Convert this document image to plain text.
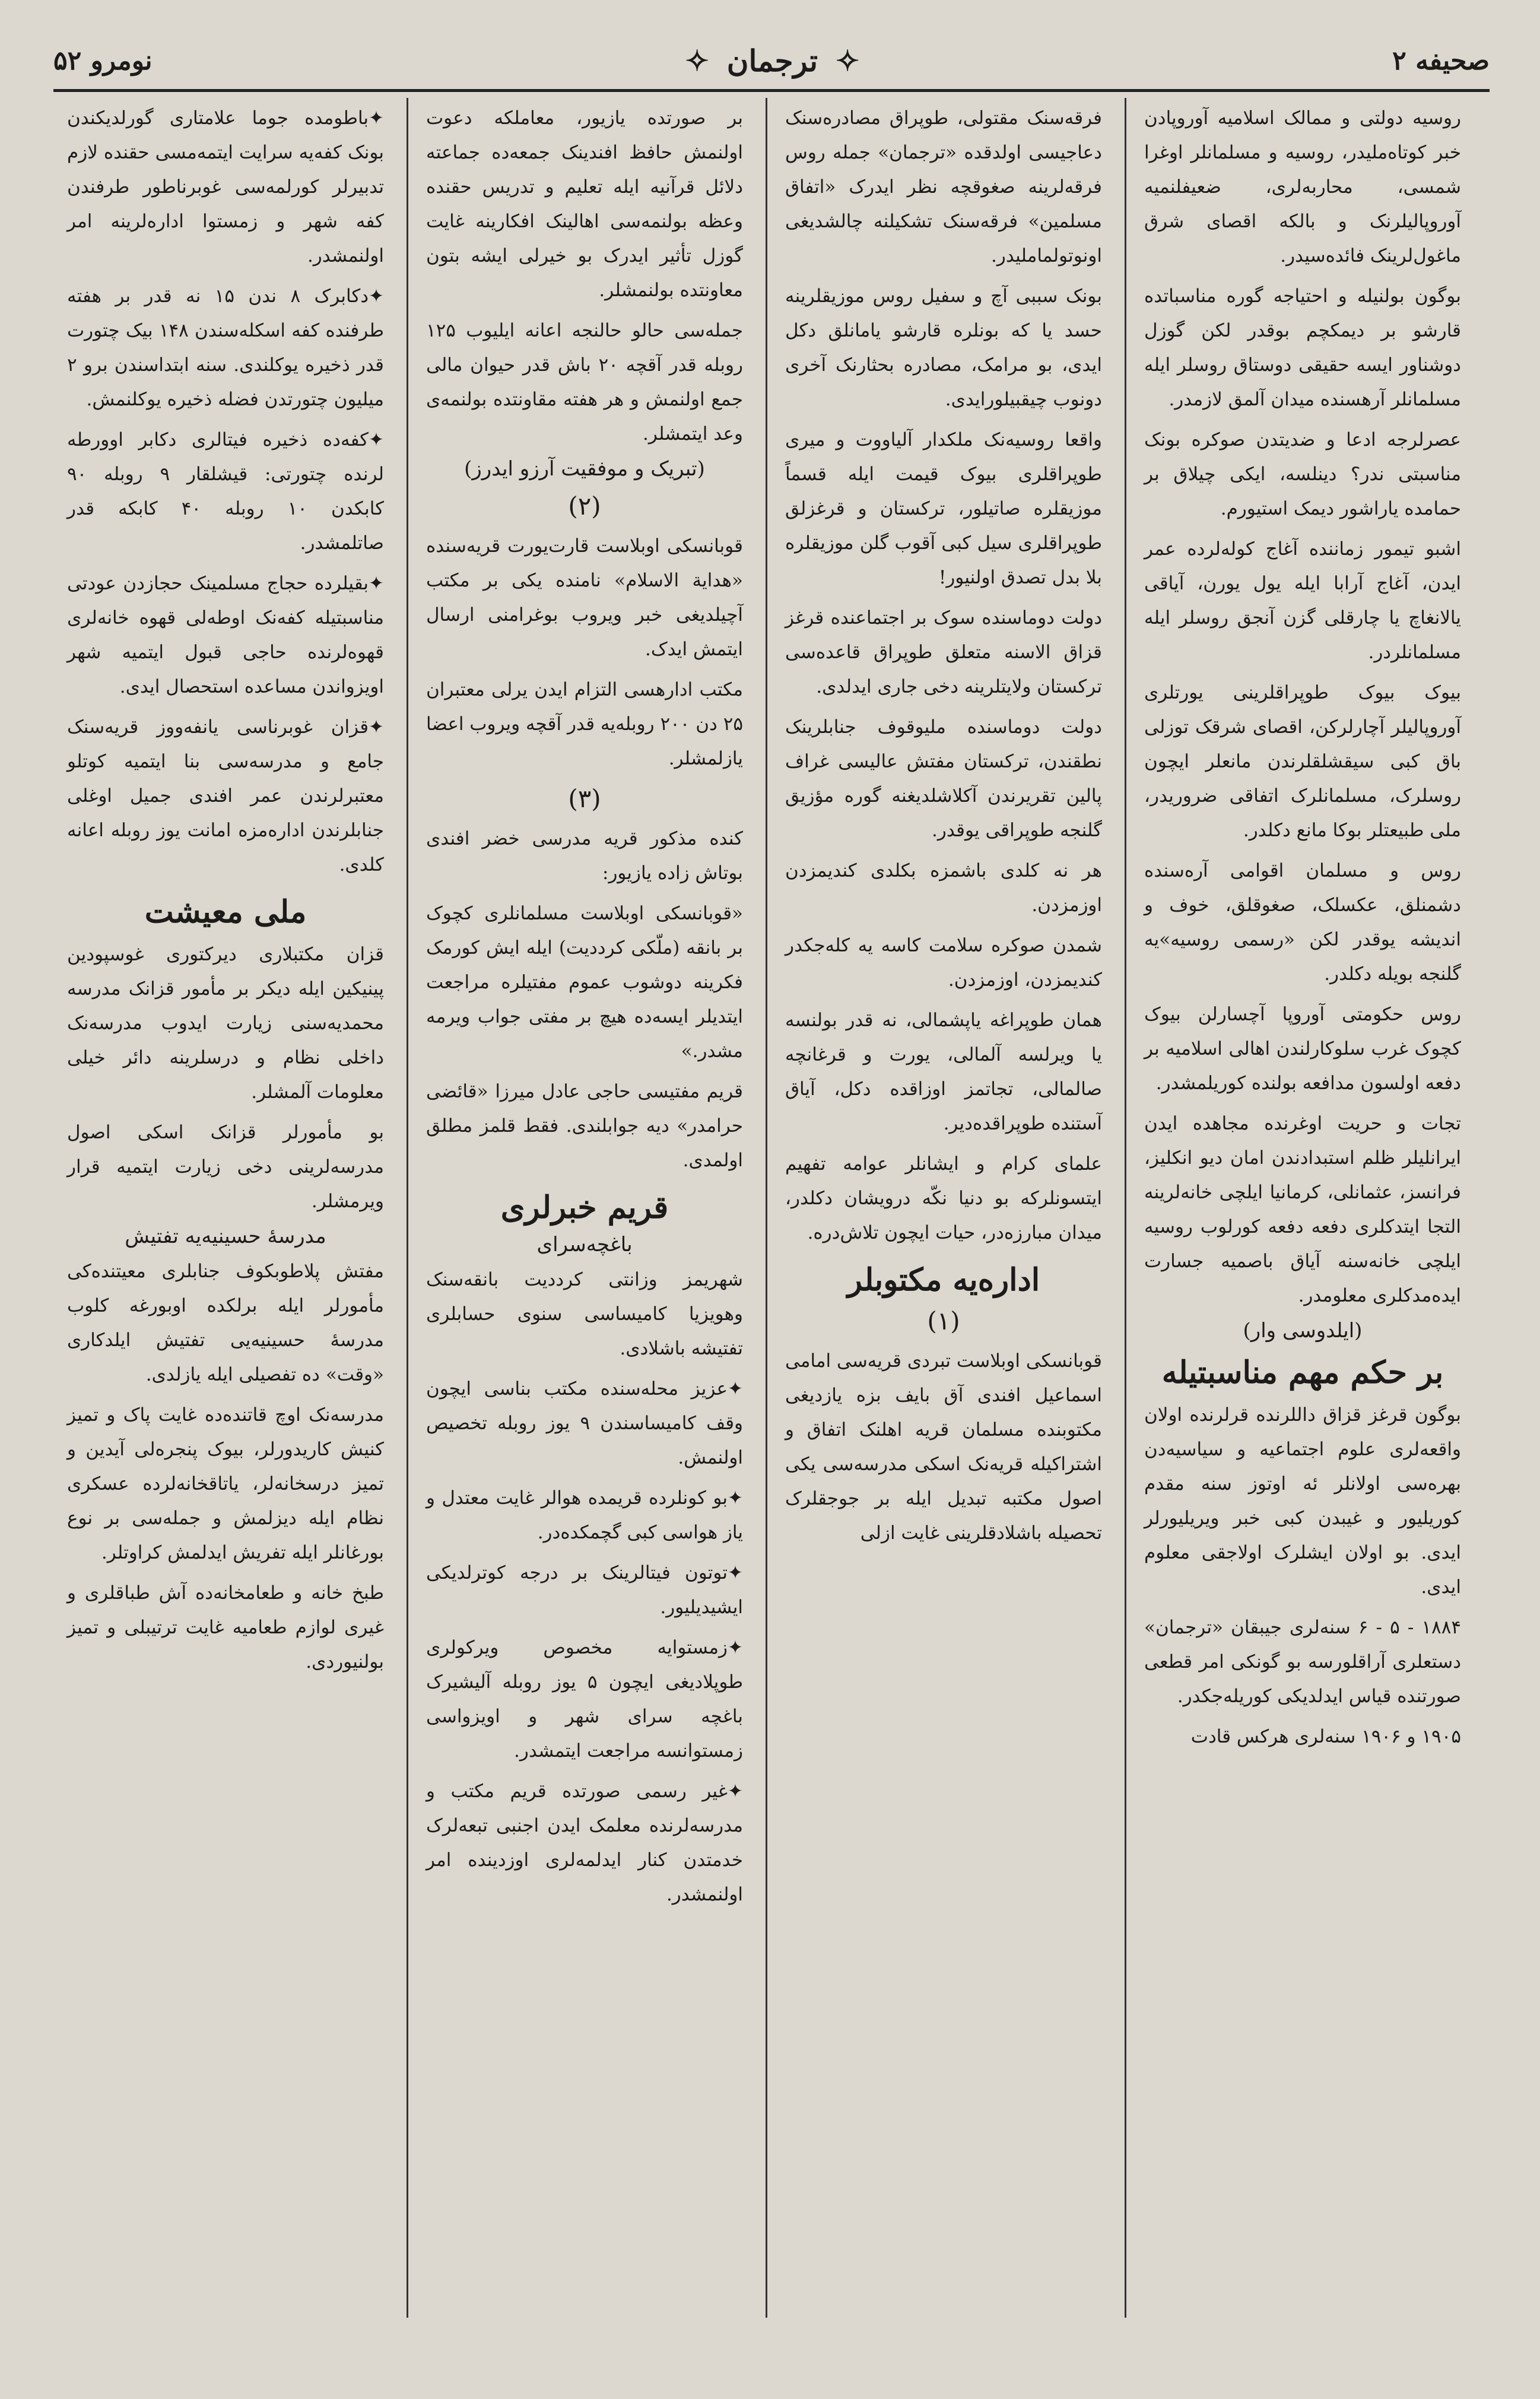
صحیفه ۲
✧
ترجمان
✧
نومرو ۵۲

روسیه دولتی و ممالک اسلامیه آوروپادن خبر کوتاه‌ملیدر، روسیه و مسلمانلر اوغرا شمسی، محاربه‌لری، ضعیفلنمیه آوروپالیلرنک و بالکه اقصای شرق ماغول‌لرینک فائده‌سیدر.

بوگون بولنیله و احتیاجه گوره مناسباتده قارشو بر دیمکچم بوقدر لکن گوزل دوشناور ایسه حقیقی دوستاق روسلر ایله مسلمانلر آرهسنده میدان آلمق لازمدر.

عصرلرجه ادعا و ضدیتدن صوکره بونک مناسبتی ندر؟ دینلسه، ایکی چیلاق بر حمامده یاراشور دیمک استیورم.

اشبو تیمور زماننده آغاج کوله‌لرده عمر ایدن، آغاج آرابا ایله یول یورن، آیاقی یالانغاچ یا چارقلی گزن آنجق روسلر ایله مسلمانلردر.

بیوک بیوک طوپراقلرینی یورتلری آوروپالیلر آچارلرکن، اقصای شرقک توزلی باق کبی سیقشلقلرندن مانعلر ایچون روسلرک، مسلمانلرک اتفاقی ضروریدر، ملی طبیعتلر بوکا مانع دکلدر.

روس و مسلمان اقوامی آره‌سنده دشمنلق، عکسلک، صغوقلق، خوف و اندیشه یوقدر لکن «رسمی روسیه»یه گلنجه بویله دکلدر.

روس حکومتی آوروپا آچسارلن بیوک کچوک غرب سلوکارلندن اهالی اسلامیه بر دفعه اولسون مدافعه بولنده کوریلمشدر.

تجات و حریت اوغرنده مجاهده ایدن ایرانلیلر ظلم استبدادندن امان دیو انکلیز، فرانسز، عثمانلی، کرمانیا ایلچی خانه‌لرینه التجا ایتدکلری دفعه دفعه کورلوب روسیه ایلچی خانه‌سنه آیاق باصمیه جسارت ایده‌مدکلری معلومدر.

(ایلدوسی وار)
بر حکم مهم مناسبتیله

بوگون قرغز قزاق داللرنده قرلرنده اولان واقعه‌لری علوم اجتماعیه و سیاسیه‌دن بهره‌سی اولانلر ئه اوتوز سنه مقدم کوریلیور و غیبدن کبی خبر ویریلیورلر ایدی. بو اولان ایشلرک اولاجقی معلوم ایدی.

۱۸۸۴ - ۵ - ۶ سنه‌لری جیبقان «ترجمان» دستعلری آراقلورسه بو گونکی امر قطعی صورتنده قیاس ایدلدیکی کوریله‌جکدر.

۱۹۰۵ و ۱۹۰۶ سنه‌لری هرکس قادت

فرقه‌سنک مقتولی، طوپراق مصادره‌سنک دعاجیسی اولدقده «ترجمان» جمله روس فرقه‌لرینه صغوقچه نظر ایدرک «اتفاق مسلمین» فرقه‌سنک تشکیلنه چالشدیغی اونوتولماملیدر.

بونک سببی آچ و سفیل روس موزیقلرینه حسد یا که بونلره قارشو یامانلق دکل ایدی، بو مرامک، مصادره بحثارنک آخری دونوب چیقبیلورایدی.

واقعا روسیه‌نک ملکدار آلیاووت و میری طوپراقلری بیوک قیمت ایله قسماً موزیقلره صاتیلور، ترکستان و قرغزلق طوپراقلری سیل کبی آقوب گلن موزیقلره بلا بدل تصدق اولنیور!

دولت دوماسنده سوک بر اجتماعنده قرغز قزاق الاسنه متعلق طوپراق قاعده‌سی ترکستان ولایتلرینه دخی جاری ایدلدی.

دولت دوماسنده ملیوقوف جنابلرینک نطقندن، ترکستان مفتش عالیسی غراف پالین تقریرندن آکلاشلدیغنه گوره مؤزیق گلنجه طوپراقی یوقدر.

هر نه کلدی باشمزه بکلدی کندیمزدن اوزمزدن.

شمدن صوکره سلامت کاسه یه کله‌جکدر کندیمزدن، اوزمزدن.

همان طوپراغه یاپشمالی، نه قدر بولنسه یا ویرلسه آلمالی، یورت و قرغانچه صالمالی، تجاتمز اوزاقده دکل، آیاق آستنده طوپراقده‌دیر.

علمای کرام و ایشانلر عوامه تفهیم ایتسونلرکه بو دنیا نکّه درویشان دکلدر، میدان مبارزه‌در، حیات ایچون تلاش‌دره.

اداره‌یه مکتوبلر
(۱)

قوبانسکی اوبلاست تبردی قریه‌سی امامی اسماعیل افندی آق بایف بزه یازدیغی مکتوبنده مسلمان قریه اهلنک اتفاق و اشتراکیله قریه‌نک اسکی مدرسه‌سی یکی اصول مکتبه تبدیل ایله بر جوجقلرک تحصیله باشلادقلرینی غایت ازلی

بر صورتده یازیور، معاملکه دعوت اولنمش حافظ افندینک جمعه‌ده جماعته دلائل قرآنیه ایله تعلیم و تدریس حقنده وعظه بولنمه‌سی اهالینک افکارینه غایت گوزل تأثیر ایدرک بو خیرلی ایشه بتون معاونتده بولنمشلر.

جمله‌سی حالو حالنجه اعانه ایلیوب ۱۲۵ روبله قدر آقچه ۲۰ باش قدر حیوان مالی جمع اولنمش و هر هفته مقاونتده بولنمه‌ی وعد ایتمشلر.

(تبریک و موفقیت آرزو ایدرز)
(۲)

قوبانسکی اوبلاست قارت‌یورت قریه‌سنده «هدایة الاسلام» نامنده یکی بر مکتب آچیلدیغی خبر ویروب بوغرامنی ارسال ایتمش ایدک.

مکتب ادارهسی التزام ایدن یرلی معتبران ۲۵ دن ۲۰۰ روبله‌یه قدر آقچه ویروب اعضا یازلمشلر.

(۳)

کنده مذکور قریه مدرسی خضر افندی بوتاش زاده یازیور:

«قوبانسکی اوبلاست مسلمانلری کچوک بر بانقه (ملّکی کرددیت) ایله ایش کورمک فکرینه دوشوب عموم مفتیلره مراجعت ایتدیلر ایسه‌ده هیچ بر مفتی جواب ویرمه مشدر.»

قریم مفتیسی حاجی عادل میرزا «قائضی حرامدر» دیه جوابلندی. فقط قلمز مطلق اولمدی.

قریم خبرلری
باغچه‌سرای

شهریمز وزانتی کرددیت بانقه‌سنک وهویزیا کامیساسی سنوی حسابلری تفتیشه باشلادی.

✦ عزیز محله‌سنده مکتب بناسی ایچون وقف کامیساسندن ۹ یوز روبله تخصیص اولنمش.

✦ بو کونلرده قریمده هوالر غایت معتدل و یاز هواسی کبی گچمکده‌در.

✦ توتون فیتالرینک بر درجه کوترلدیکی ایشیدیلیور.

✦ زمستوایه مخصوص ویرکولری طوپلادیغی ایچون ۵ یوز روبله آلیشیرک باغچه سرای شهر و اویزواسی زمستوانسه مراجعت ایتمشدر.

✦ غیر رسمی صورتده قریم مکتب و مدرسه‌لرنده معلمک ایدن اجنبی تبعه‌لرک خدمتدن کنار ایدلمه‌لری اوزدینده امر اولنمشدر.

✦ باطومده جوما علامتاری گورلدیکندن بونک کفه‌یه سرایت ایتمه‌مسی حقنده لازم تدبیرلر کورلمه‌سی غوبرناطور طرفندن کفه شهر و زمستوا اداره‌لرینه امر اولنمشدر.

✦ دکابرک ۸ ندن ۱۵ نه قدر بر هفته طرفنده کفه اسکله‌سندن ۱۴۸ بیک چتورت قدر ذخیره یوکلندی. سنه ابتداسندن برو ۲ میلیون چتورتدن فضله ذخیره یوکلنمش.

✦ کفه‌ده ذخیره فیتالری دکابر اوورطه لرنده چتورتی: قیشلقار ۹ روبله ۹۰ کابکدن ۱۰ روبله ۴۰ کابکه قدر صاتلمشدر.

✦ بقیلرده حجاج مسلمینک حجازدن عودتی مناسبتیله کفه‌نک اوطه‌لی قهوه خانه‌لری قهوه‌لرنده حاجی قبول ایتمیه شهر اویزواندن مساعده استحصال ایدی.

✦ قزان غوبرناسی یانفه‌ووز قریه‌سنک جامع و مدرسه‌سی بنا ایتمیه کوتلو معتبرلرندن عمر افندی جمیل اوغلی جنابلرندن اداره‌مزه امانت یوز روبله اعانه کلدی.

ملی معیشت

قزان مکتبلاری دیرکتوری غوسپودین پینیکین ایله دیکر بر مأمور قزانک مدرسه محمدیه‌سنی زیارت ایدوب مدرسه‌نک داخلی نظام و درسلرینه دائر خیلی معلومات آلمشلر.

بو مأمورلر قزانک اسکی اصول مدرسه‌لرینی دخی زیارت ایتمیه قرار ویرمشلر.

مدرسهٔ حسینیه‌یه تفتیش

مفتش پلاطوبکوف جنابلری معیتنده‌کی مأمورلر ایله برلکده اوبورغه کلوب مدرسهٔ حسینیه‌یی تفتیش ایلدکاری «وقت» ده تفصیلی ایله یازلدی.

مدرسه‌نک اوچ قاتنده‌ده غایت پاک و تمیز کنیش کاریدورلر، بیوک پنجره‌لی آیدین و تمیز درسخانه‌لر، یاتاقخانه‌لرده عسکری نظام ایله دیزلمش و جمله‌سی بر نوع بورغانلر ایله تفریش ایدلمش کراوتلر.

طبخ خانه و طعامخانه‌ده آش طباقلری و غیری لوازم طعامیه غایت ترتیبلی و تمیز بولنیوردی.
